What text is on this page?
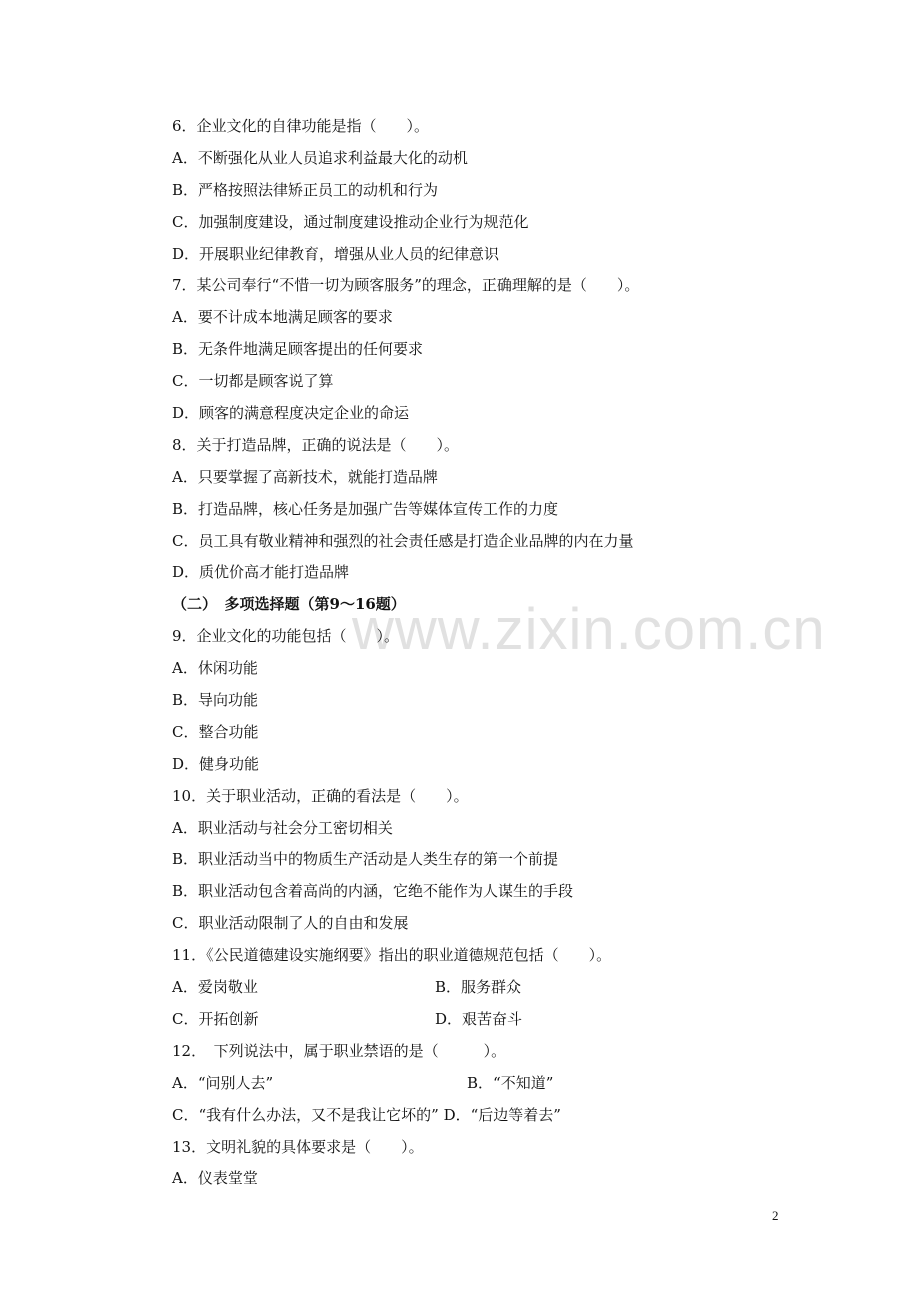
www.zixin.com.cn
6．企业文化的自律功能是指（　　）。
A．不断强化从业人员追求利益最大化的动机
B．严格按照法律矫正员工的动机和行为
C．加强制度建设，通过制度建设推动企业行为规范化
D．开展职业纪律教育，增强从业人员的纪律意识
7．某公司奉行“不惜一切为顾客服务”的理念，正确理解的是（　　）。
A．要不计成本地满足顾客的要求
B．无条件地满足顾客提出的任何要求
C．一切都是顾客说了算
D．顾客的满意程度决定企业的命运
8．关于打造品牌，正确的说法是（　　）。
A．只要掌握了高新技术，就能打造品牌
B．打造品牌，核心任务是加强广告等媒体宣传工作的力度
C．员工具有敬业精神和强烈的社会责任感是打造企业品牌的内在力量
D．质优价高才能打造品牌
（二）　多项选择题（第9～16题）
9．企业文化的功能包括（　　）。
A．休闲功能
B．导向功能
C．整合功能
D．健身功能
10．关于职业活动，正确的看法是（　　）。
A．职业活动与社会分工密切相关
B．职业活动当中的物质生产活动是人类生存的第一个前提
B．职业活动包含着高尚的内涵，它绝不能作为人谋生的手段
C．职业活动限制了人的自由和发展
11．《公民道德建设实施纲要》指出的职业道德规范包括（　　）。
A．爱岗敬业	B．服务群众
C．开拓创新	D．艰苦奋斗
12．　下列说法中，属于职业禁语的是（　　　）。
A．“问别人去”	B．“不知道”
C．“我有什么办法，又不是我让它坏的” D．“后边等着去”
13．文明礼貌的具体要求是（　　）。
A．仪表堂堂
2
